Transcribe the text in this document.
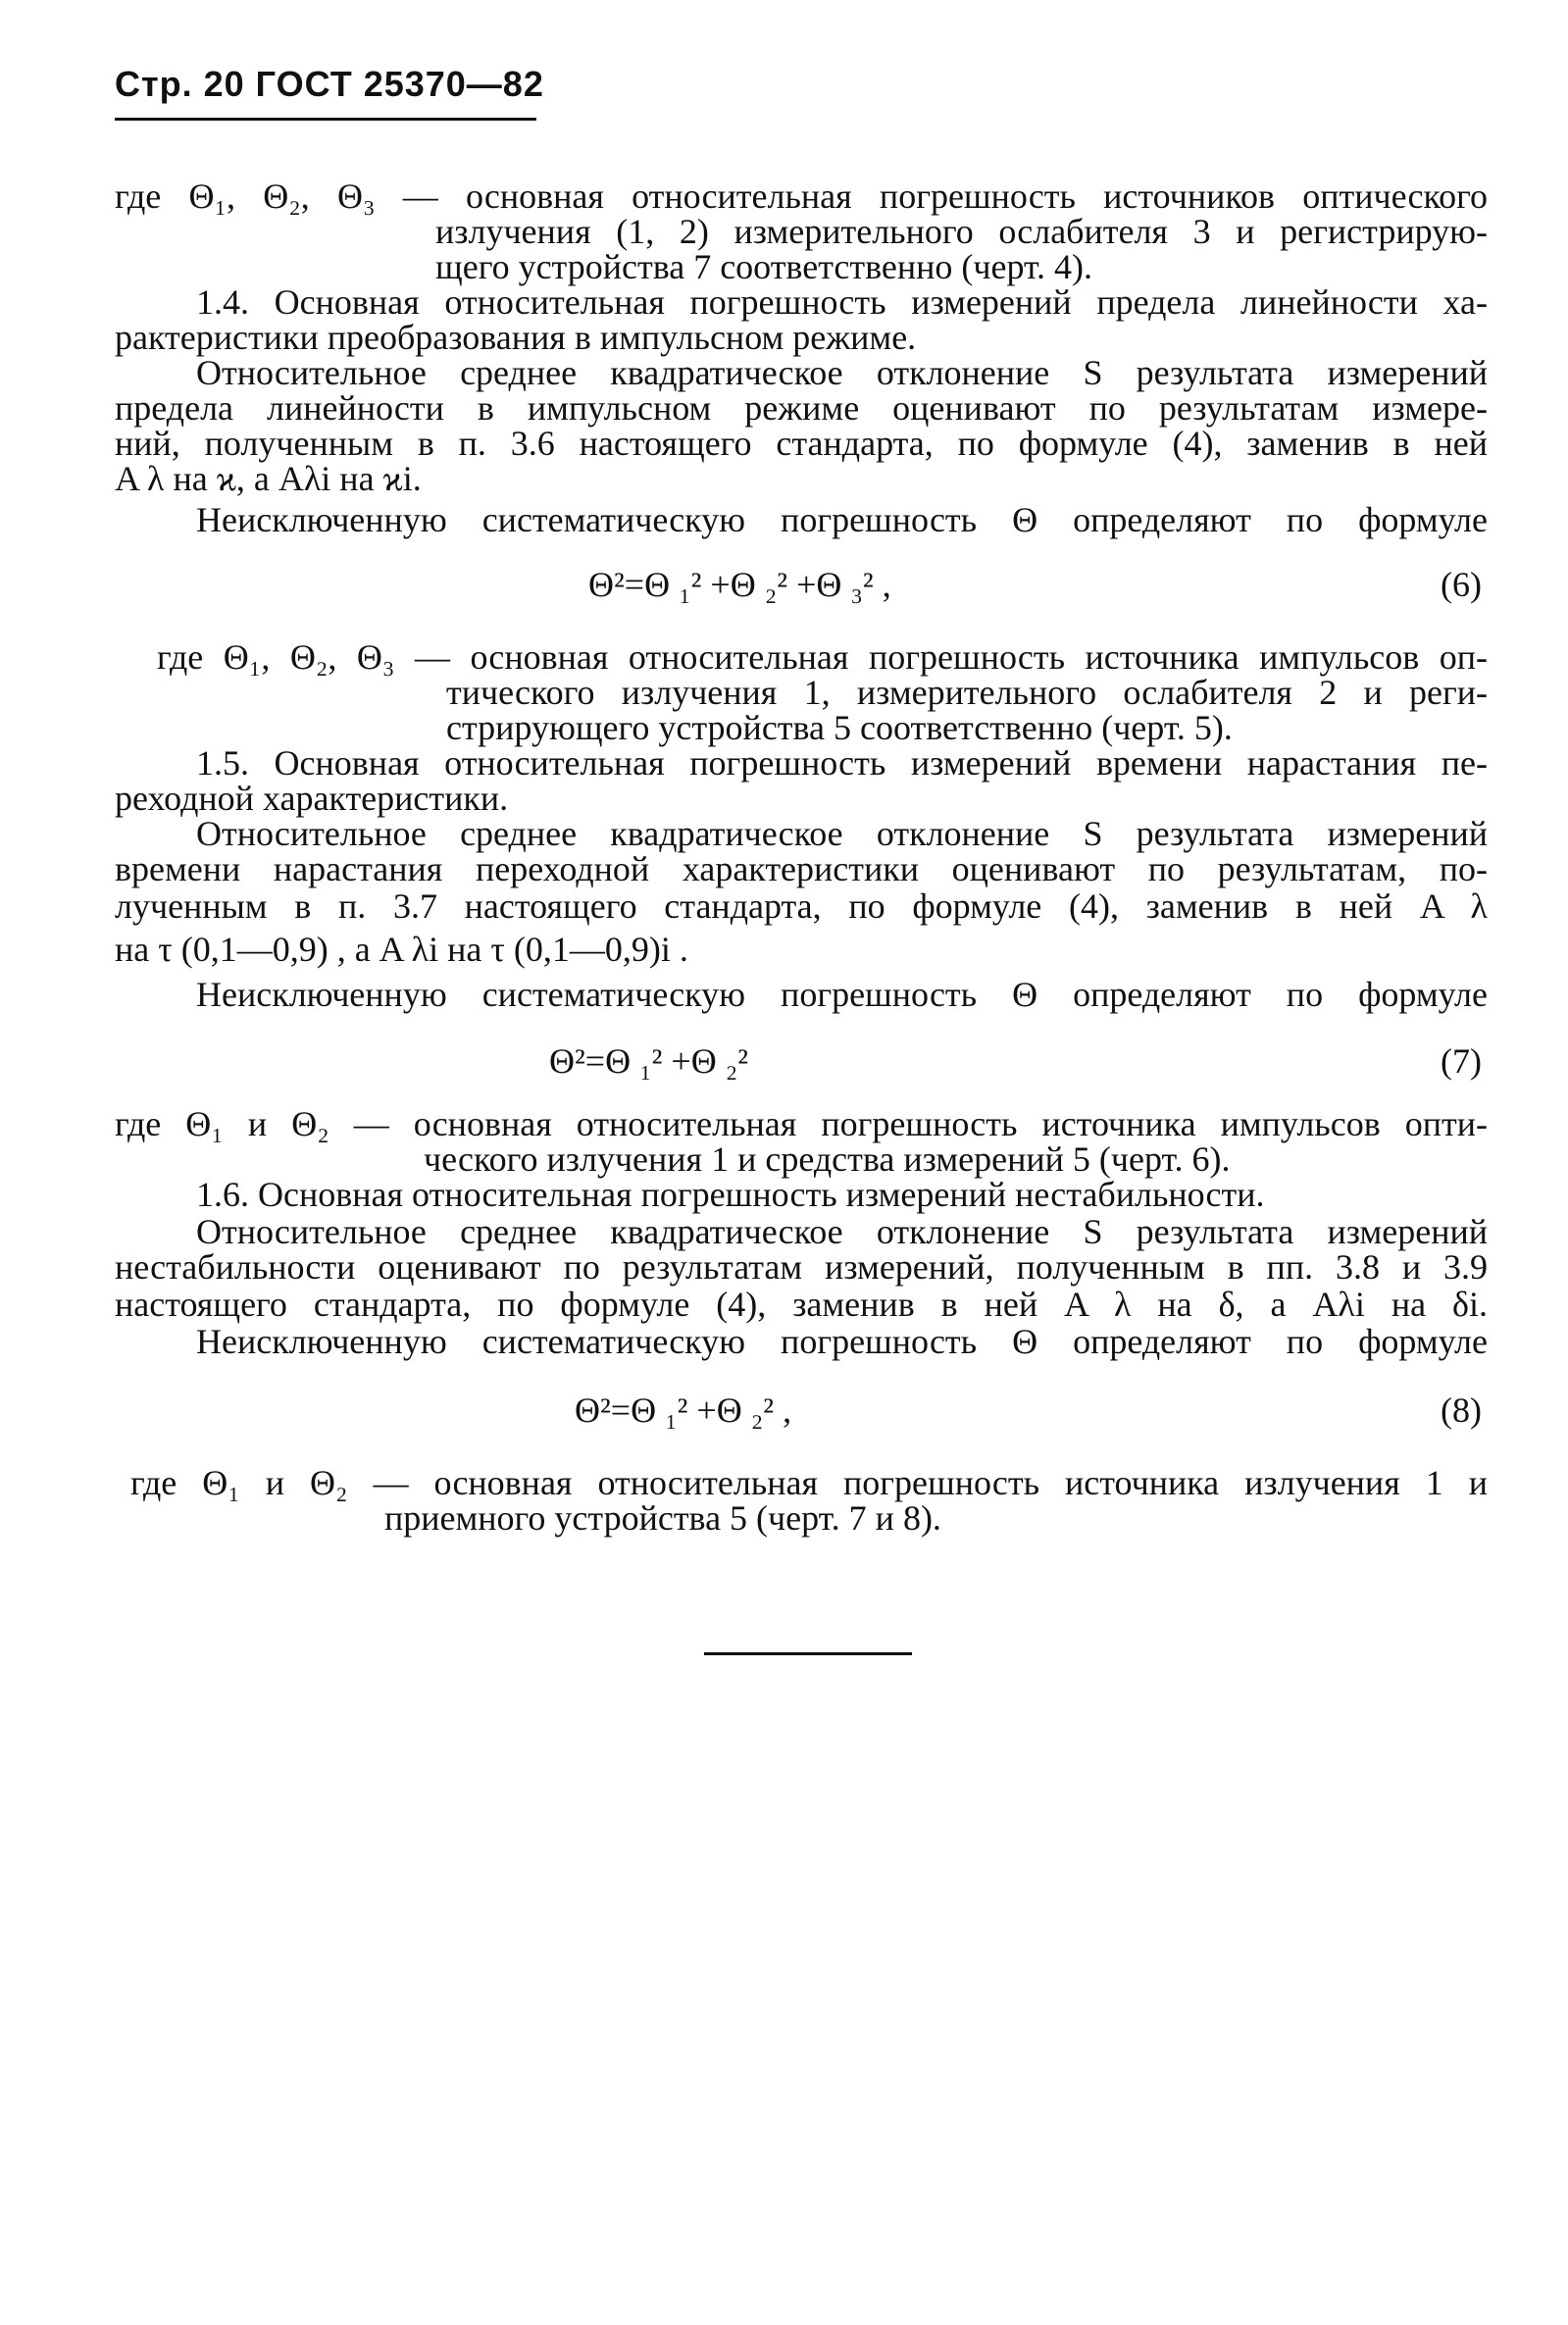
Стр. 20 ГОСТ 25370—82
где Θ₁, Θ₂, Θ₃ — основная относительная погрешность источников оптического
излучения (1, 2) измерительного ослабителя 3 и регистрирую-
щего устройства 7 соответственно (черт. 4).
1.4. Основная относительная погрешность измерений предела линейности ха-
рактеристики преобразования в импульсном режиме.
Относительное среднее квадратическое отклонение S результата измерений
предела линейности в импульсном режиме оценивают по результатам измере-
ний, полученным в п. 3.6 настоящего стандарта, по формуле (4), заменив в ней
A λ на ϰ, а Aλi на ϰi.
Неисключенную систематическую погрешность Θ определяют по формуле
Θ²=Θ ₁² +Θ ₂² +Θ ₃² ,	(6)
где Θ₁, Θ₂, Θ₃ — основная относительная погрешность источника импульсов оп-
тического излучения 1, измерительного ослабителя 2 и реги-
стрирующего устройства 5 соответственно (черт. 5).
1.5. Основная относительная погрешность измерений времени нарастания пе-
реходной характеристики.
Относительное среднее квадратическое отклонение S результата измерений
времени нарастания переходной характеристики оценивают по результатам, по-
лученным в п. 3.7 настоящего стандарта, по формуле (4), заменив в ней A λ
на τ (0,1—0,9) , а A λi на τ (0,1—0,9)i .
Неисключенную систематическую погрешность Θ определяют по формуле
Θ²=Θ ₁² +Θ ₂²	(7)
где Θ₁ и Θ₂ — основная относительная погрешность источника импульсов опти-
ческого излучения 1 и средства измерений 5 (черт. 6).
1.6. Основная относительная погрешность измерений нестабильности.
Относительное среднее квадратическое отклонение S результата измерений
нестабильности оценивают по результатам измерений, полученным в пп. 3.8 и 3.9
настоящего стандарта, по формуле (4), заменив в ней A λ на δ, а Aλi на δi.
Неисключенную систематическую погрешность Θ определяют по формуле
Θ²=Θ ₁² +Θ ₂² ,	(8)
где Θ₁ и Θ₂ — основная относительная погрешность источника излучения 1 и
приемного устройства 5 (черт. 7 и 8).
